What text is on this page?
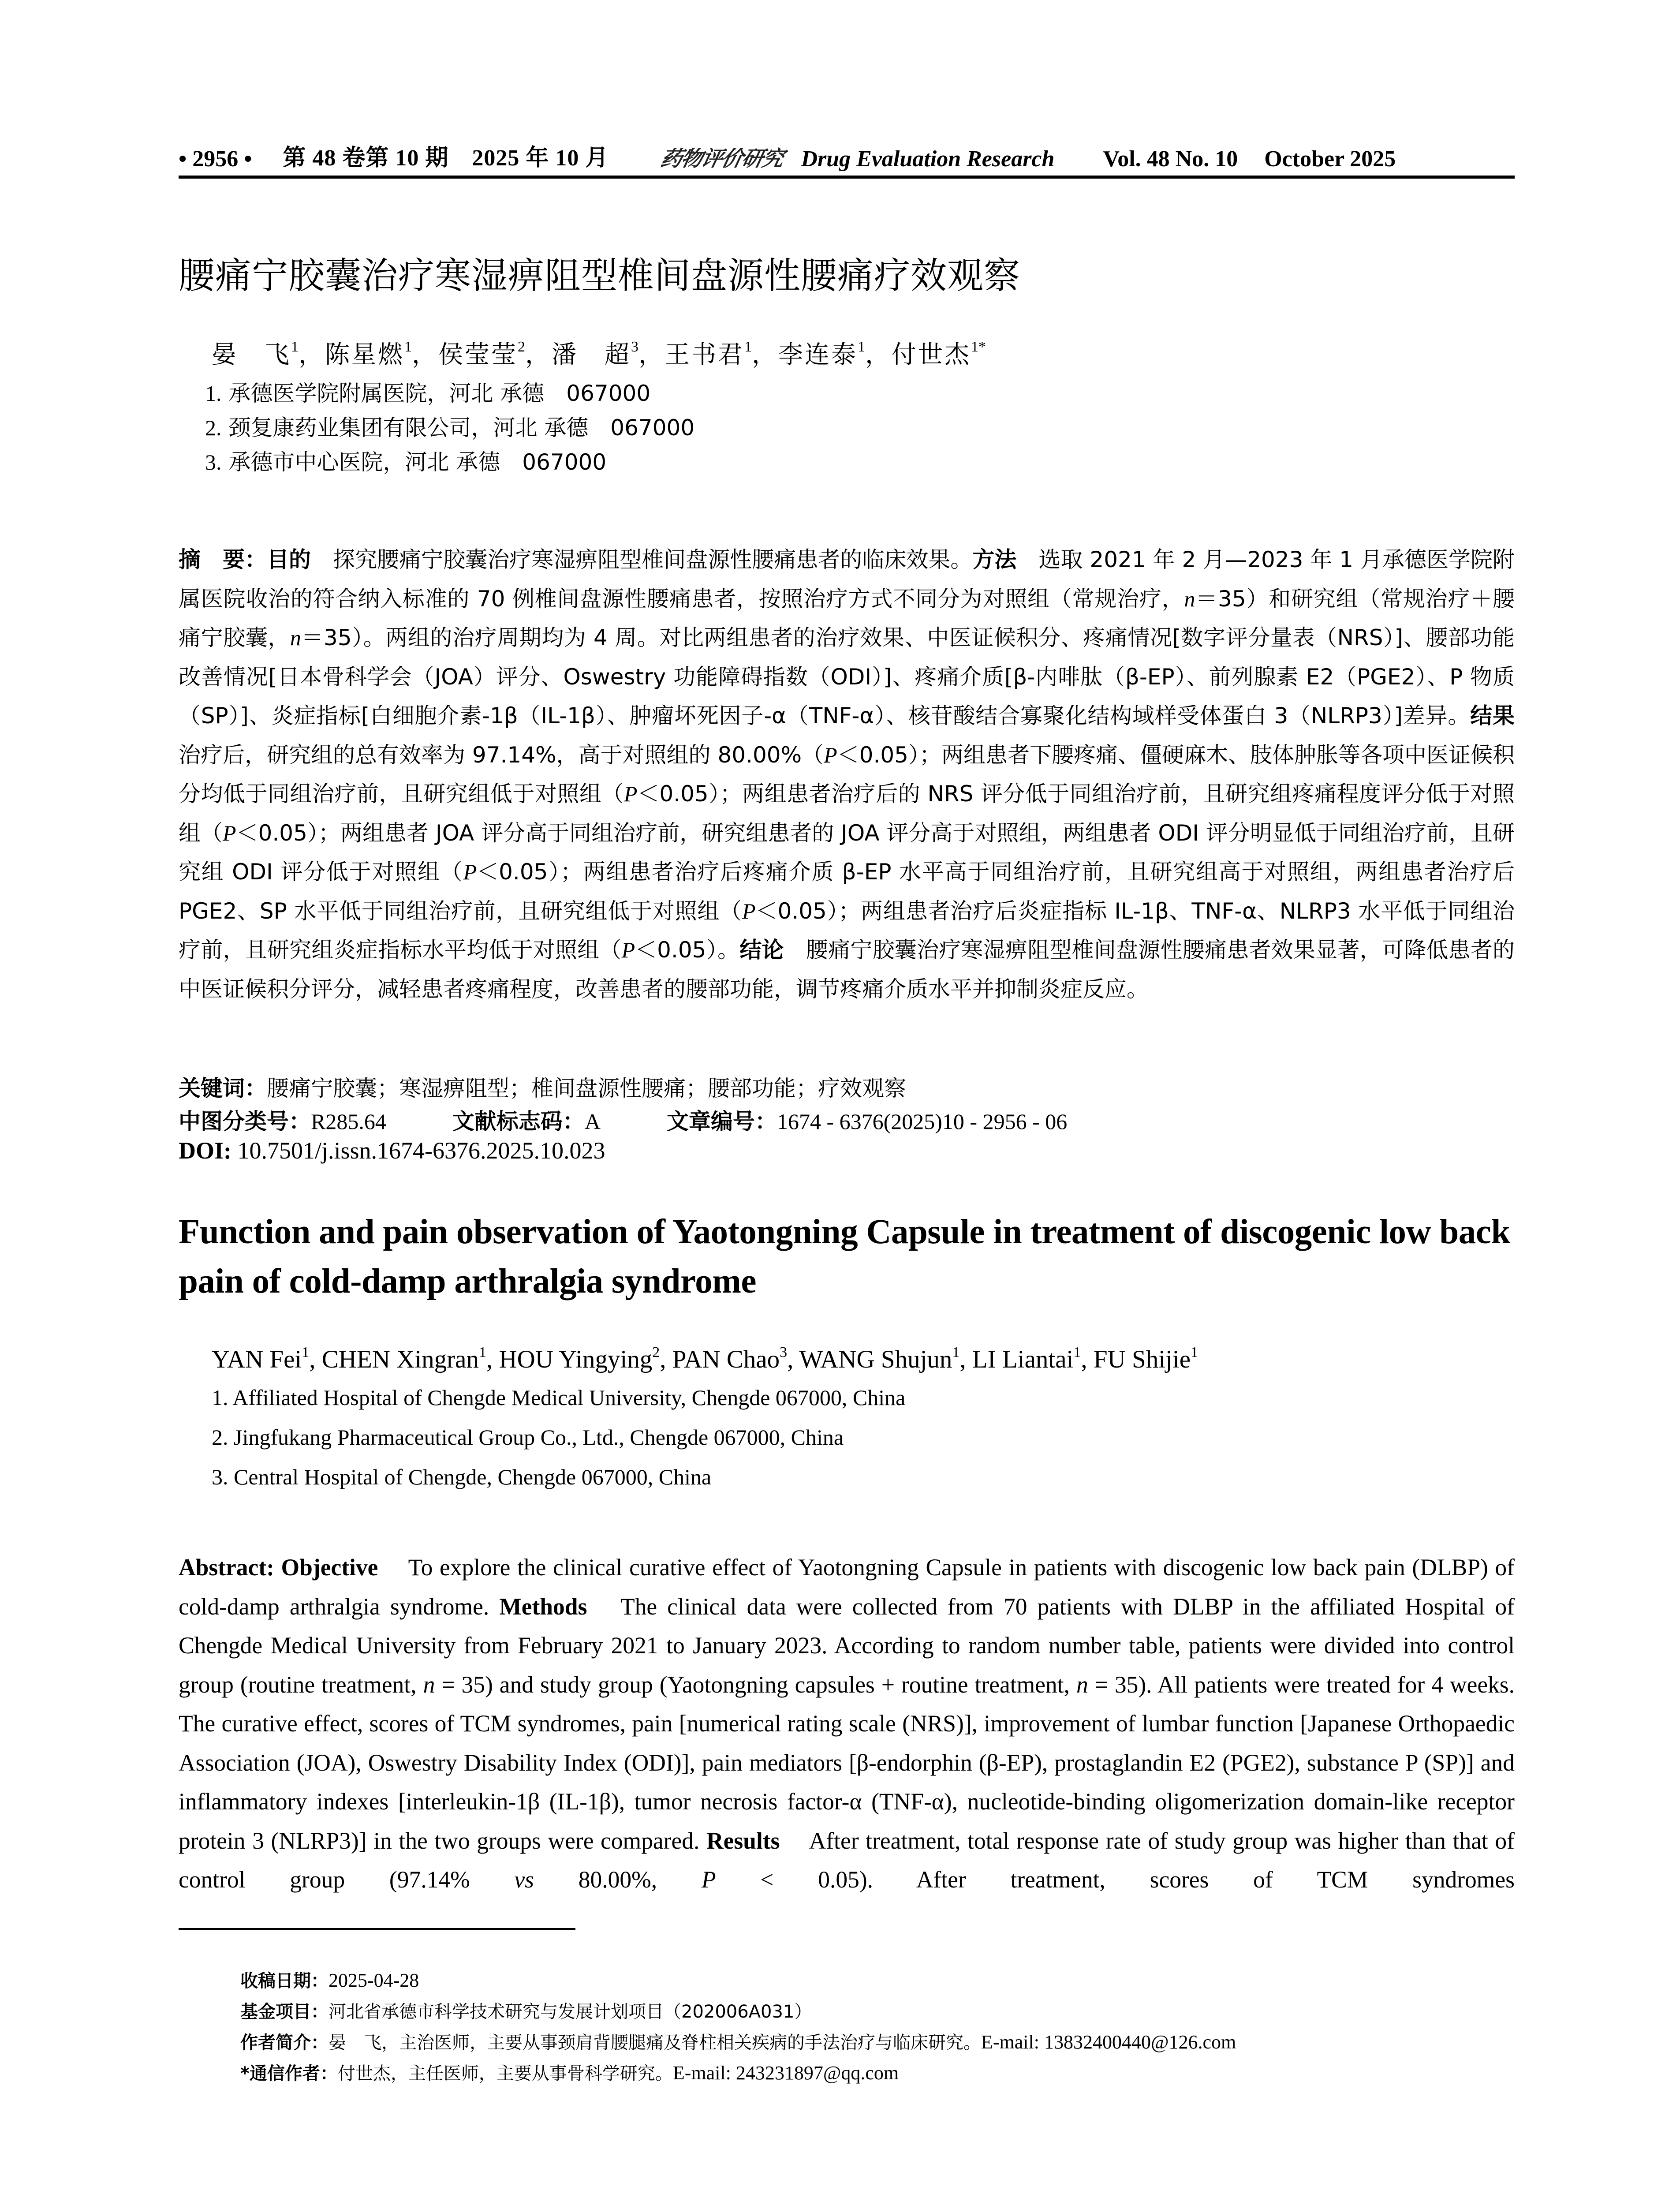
• 2956 • 第 48 卷第 10 期　2025 年 10 月 药物评价研究 Drug Evaluation Research Vol. 48 No. 10 October 2025
腰痛宁胶囊治疗寒湿痹阻型椎间盘源性腰痛疗效观察
晏　飞$^1$，陈星燃$^1$，侯莹莹$^2$，潘　超$^3$，王书君$^1$，李连泰$^1$，付世杰$^{1*}$
1. 承德医学院附属医院，河北 承德　067000
2. 颈复康药业集团有限公司，河北 承德　067000
3. 承德市中心医院，河北 承德　067000
摘　要：目的　 探究腰痛宁胶囊治疗寒湿痹阻型椎间盘源性腰痛患者的临床效果。方法　 选取 2021 年 2 月—2023 年 1 月承德医学院附属医院收治的符合纳入标准的 70 例椎间盘源性腰痛患者，按照治疗方式不同分为对照组（常规治疗，n＝35）和研究组（常规治疗＋腰痛宁胶囊，n＝35）。两组的治疗周期均为 4 周。对比两组患者的治疗效果、中医证候积分、疼痛情况[数字评分量表（NRS）]、腰部功能改善情况[日本骨科学会（JOA）评分、Oswestry 功能障碍指数（ODI）]、疼痛介质[β-内啡肽（β-EP）、前列腺素 E2（PGE2）、P 物质（SP）]、炎症指标[白细胞介素-1β（IL-1β）、肿瘤坏死因子-α（TNF-α）、核苷酸结合寡聚化结构域样受体蛋白 3（NLRP3）]差异。结果　治疗后，研究组的总有效率为 97.14%，高于对照组的 80.00%（P＜0.05）；两组患者下腰疼痛、僵硬麻木、肢体肿胀等各项中医证候积分均低于同组治疗前，且研究组低于对照组（P＜0.05）；两组患者治疗后的 NRS 评分低于同组治疗前，且研究组疼痛程度评分低于对照组（P＜0.05）；两组患者 JOA 评分高于同组治疗前，研究组患者的 JOA 评分高于对照组，两组患者 ODI 评分明显低于同组治疗前，且研究组 ODI 评分低于对照组（P＜0.05）；两组患者治疗后疼痛介质 β-EP 水平高于同组治疗前，且研究组高于对照组，两组患者治疗后 PGE2、SP 水平低于同组治疗前，且研究组低于对照组（P＜0.05）；两组患者治疗后炎症指标 IL-1β、TNF-α、NLRP3 水平低于同组治疗前，且研究组炎症指标水平均低于对照组（P＜0.05）。结论　 腰痛宁胶囊治疗寒湿痹阻型椎间盘源性腰痛患者效果显著，可降低患者的中医证候积分评分，减轻患者疼痛程度，改善患者的腰部功能，调节疼痛介质水平并抑制炎症反应。
关键词：腰痛宁胶囊；寒湿痹阻型；椎间盘源性腰痛；腰部功能；疗效观察
中图分类号：R285.64	文献标志码：A	文章编号：1674 - 6376(2025)10 - 2956 - 06
DOI: 10.7501/j.issn.1674-6376.2025.10.023
Function and pain observation of Yaotongning Capsule in treatment of discogenic low back pain of cold-damp arthralgia syndrome
YAN Fei$^1$, CHEN Xingran$^1$, HOU Yingying$^2$, PAN Chao$^3$, WANG Shujun$^1$, LI Liantai$^1$, FU Shijie$^1$
1. Affiliated Hospital of Chengde Medical University, Chengde 067000, China
2. Jingfukang Pharmaceutical Group Co., Ltd., Chengde 067000, China
3. Central Hospital of Chengde, Chengde 067000, China
Abstract: Objective  To explore the clinical curative effect of Yaotongning Capsule in patients with discogenic low back pain (DLBP) of cold-damp arthralgia syndrome. Methods  The clinical data were collected from 70 patients with DLBP in the affiliated Hospital of Chengde Medical University from February 2021 to January 2023. According to random number table, patients were divided into control group (routine treatment, n = 35) and study group (Yaotongning capsules + routine treatment, n = 35). All patients were treated for 4 weeks. The curative effect, scores of TCM syndromes, pain [numerical rating scale (NRS)], improvement of lumbar function [Japanese Orthopaedic Association (JOA), Oswestry Disability Index (ODI)], pain mediators [β-endorphin (β-EP), prostaglandin E2 (PGE2), substance P (SP)] and inflammatory indexes [interleukin-1β (IL-1β), tumor necrosis factor-α (TNF-α), nucleotide-binding oligomerization domain-like receptor protein 3 (NLRP3)] in the two groups were compared. Results  After treatment, total response rate of study group was higher than that of control group (97.14% vs 80.00%, P < 0.05). After treatment, scores of TCM syndromes
收稿日期：2025-04-28
基金项目：河北省承德市科学技术研究与发展计划项目（202006A031）
作者简介：晏　飞，主治医师，主要从事颈肩背腰腿痛及脊柱相关疾病的手法治疗与临床研究。E-mail: 13832400440@126.com
*通信作者：付世杰，主任医师，主要从事骨科学研究。E-mail: 243231897@qq.com
